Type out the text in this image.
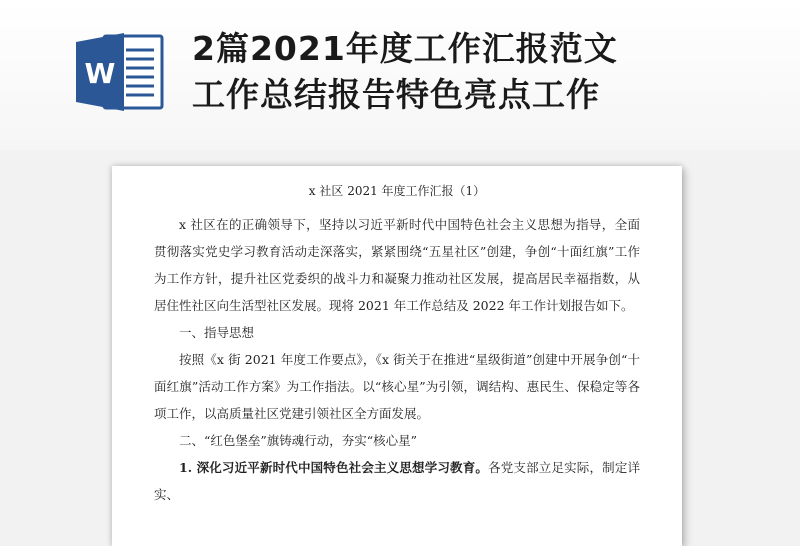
W
2篇2021年度工作汇报范文
工作总结报告特色亮点工作
x 社区 2021 年度工作汇报（1）

x 社区在的正确领导下，坚持以习近平新时代中国特色社会主义思想为指导，全面贯彻落实党史学习教育活动走深落实，紧紧围绕“五星社区”创建，争创“十面红旗”工作为工作方针，提升社区党委织的战斗力和凝聚力推动社区发展，提高居民幸福指数，从居住性社区向生活型社区发展。现将 2021 年工作总结及 2022 年工作计划报告如下。

一、指导思想

按照《x 街 2021 年度工作要点》，《x 街关于在推进“星级街道”创建中开展争创“十面红旗”活动工作方案》为工作指法。以“核心星”为引领，调结构、惠民生、保稳定等各项工作，以高质量社区党建引领社区全方面发展。

二、“红色堡垒”旗铸魂行动，夯实“核心星”

1. 深化习近平新时代中国特色社会主义思想学习教育。各党支部立足实际，制定详实、
